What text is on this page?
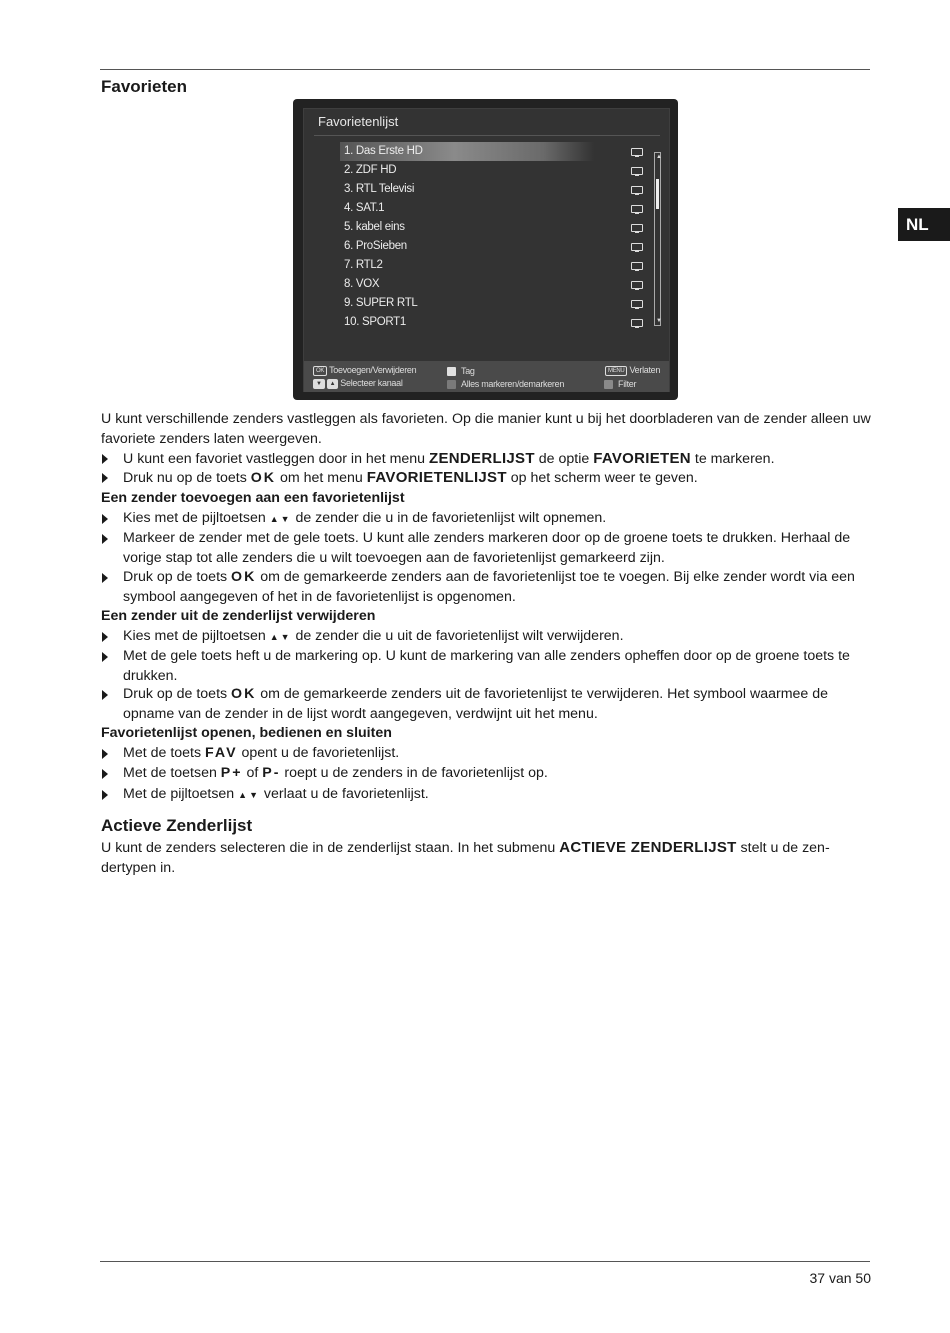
Favorieten
NL
Favorietenlijst
1. Das Erste HD
2. ZDF HD
3. RTL Televisi
4. SAT.1
5. kabel eins
6. ProSieben
7. RTL2
8. VOX
9. SUPER RTL
10. SPORT1
▲
▼
OK Toevoegen/Verwijderen
▼ ▲ Selecteer kanaal
Tag
Alles markeren/demarkeren
MENU Verlaten
Filter
U kunt verschillende zenders vastleggen als favorieten. Op die manier kunt u bij het doorbladeren van de zender alleen uw favoriete zenders laten weergeven.
U kunt een favoriet vastleggen door in het menu ZENDERLIJST de optie FAVORIETEN te markeren.
Druk nu op de toets OK om het menu FAVORIETENLIJST op het scherm weer te geven.
Een zender toevoegen aan een favorietenlijst
Kies met de pijltoetsen ▲▼ de zender die u in de favorietenlijst wilt opnemen.
Markeer de zender met de gele toets. U kunt alle zenders markeren door op de groene toets te drukken. Herhaal de vorige stap tot alle zenders die u wilt toevoegen aan de favorietenlijst gemarkeerd zijn.
Druk op de toets OK om de gemarkeerde zenders aan de favorietenlijst toe te voegen. Bij elke zender wordt via een symbool aangegeven of het in de favorietenlijst is opgenomen.
Een zender uit de zenderlijst verwijderen
Kies met de pijltoetsen ▲▼ de zender die u uit de favorietenlijst wilt verwijderen.
Met de gele toets heft u de markering op. U kunt de markering van alle zenders opheffen door op de groene toets te drukken.
Druk op de toets OK om de gemarkeerde zenders uit de favorietenlijst te verwijderen. Het symbool waarmee de opname van de zender in de lijst wordt aangegeven, verdwijnt uit het menu.
Favorietenlijst openen, bedienen en sluiten
Met de toets FAV opent u de favorietenlijst.
Met de toetsen P+ of P- roept u de zenders in de favorietenlijst op.
Met de pijltoetsen ▲▼ verlaat u de favorietenlijst.
Actieve Zenderlijst
U kunt de zenders selecteren die in de zenderlijst staan. In het submenu ACTIEVE ZENDERLIJST stelt u de zen-dertypen in.
37 van 50
